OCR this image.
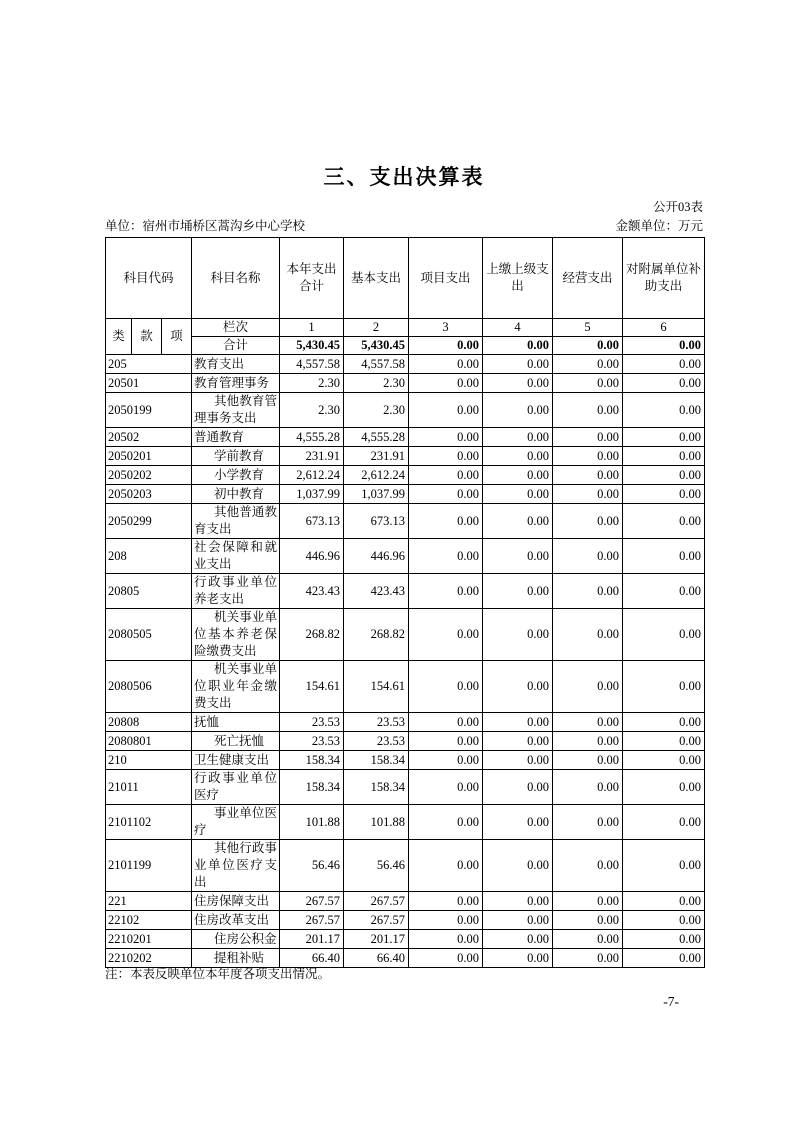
三、支出决算表
公开03表
单位：宿州市埇桥区蒿沟乡中心学校	金额单位：万元
科目代码			科目名称	本年支出合计	基本支出	项目支出	上缴上级支出	经营支出	对附属单位补助支出
类	款	项	栏次	1	2	3	4	5	6
			合计	5,430.45	5,430.45	0.00	0.00	0.00	0.00
205			教育支出	4,557.58	4,557.58	0.00	0.00	0.00	0.00
20501			教育管理事务	2.30	2.30	0.00	0.00	0.00	0.00
2050199			其他教育管理事务支出	2.30	2.30	0.00	0.00	0.00	0.00
20502			普通教育	4,555.28	4,555.28	0.00	0.00	0.00	0.00
2050201			学前教育	231.91	231.91	0.00	0.00	0.00	0.00
2050202			小学教育	2,612.24	2,612.24	0.00	0.00	0.00	0.00
2050203			初中教育	1,037.99	1,037.99	0.00	0.00	0.00	0.00
2050299			其他普通教育支出	673.13	673.13	0.00	0.00	0.00	0.00
208			社会保障和就业支出	446.96	446.96	0.00	0.00	0.00	0.00
20805			行政事业单位养老支出	423.43	423.43	0.00	0.00	0.00	0.00
2080505			机关事业单位基本养老保险缴费支出	268.82	268.82	0.00	0.00	0.00	0.00
2080506			机关事业单位职业年金缴费支出	154.61	154.61	0.00	0.00	0.00	0.00
20808			抚恤	23.53	23.53	0.00	0.00	0.00	0.00
2080801			死亡抚恤	23.53	23.53	0.00	0.00	0.00	0.00
210			卫生健康支出	158.34	158.34	0.00	0.00	0.00	0.00
21011			行政事业单位医疗	158.34	158.34	0.00	0.00	0.00	0.00
2101102			事业单位医疗	101.88	101.88	0.00	0.00	0.00	0.00
2101199			其他行政事业单位医疗支出	56.46	56.46	0.00	0.00	0.00	0.00
221			住房保障支出	267.57	267.57	0.00	0.00	0.00	0.00
22102			住房改革支出	267.57	267.57	0.00	0.00	0.00	0.00
2210201			住房公积金	201.17	201.17	0.00	0.00	0.00	0.00
2210202			提租补贴	66.40	66.40	0.00	0.00	0.00	0.00
注：本表反映单位本年度各项支出情况。
-7-
